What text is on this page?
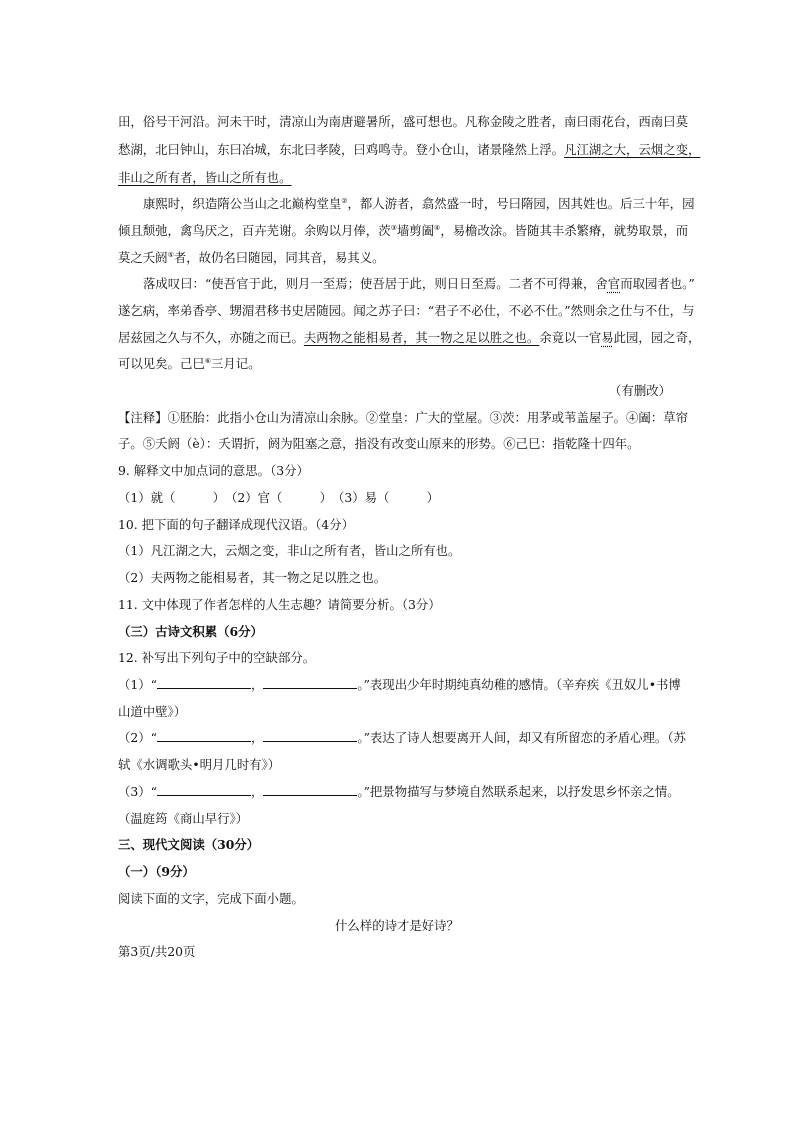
田，俗号干河沿。河未干时，清凉山为南唐避暑所，盛可想也。凡称金陵之胜者，南曰雨花台，西南曰莫
愁湖，北曰钟山，东曰冶城，东北曰孝陵，曰鸡鸣寺。登小仓山，诸景隆然上浮。凡江湖之大，云烟之变，
非山之所有者，皆山之所有也。
康熙时，织造隋公当山之北巅构堂皇②，都人游者，翕然盛一时，号曰隋园，因其姓也。后三十年，园
倾且颓弛，禽鸟厌之，百卉芜谢。余购以月俸，茨③墙剪阖④，易檐改涂。皆随其丰杀繁瘠，就势取景，而
莫之夭阏⑤者，故仍名曰随园，同其音，易其义。
落成叹曰：“使吾官于此，则月一至焉；使吾居于此，则日日至焉。二者不可得兼，舍官而取园者也。”
遂乞病，率弟香亭、甥湄君移书史居随园。闻之苏子曰：“君子不必仕，不必不仕。”然则余之仕与不仕，与
居兹园之久与不久，亦随之而已。夫两物之能相易者，其一物之足以胜之也。余竟以一官易此园，园之奇，
可以见矣。己巳⑥三月记。
（有删改）
【注释】①胚胎：此指小仓山为清凉山余脉。②堂皇：广大的堂屋。③茨：用茅或苇盖屋子。④阖：草帘
子。⑤夭阏（è）：夭谓折，阏为阻塞之意，指没有改变山原来的形势。⑥己巳：指乾隆十四年。
9. 解释文中加点词的意思。（3分）
（1）就（　　　）　（2）官（　　　）　（3）易（　　　）
10. 把下面的句子翻译成现代汉语。（4分）
（1）凡江湖之大，云烟之变，非山之所有者，皆山之所有也。
（2）夫两物之能相易者，其一物之足以胜之也。
11. 文中体现了作者怎样的人生志趣？请简要分析。（3分）
（三）古诗文积累（6分）
12. 补写出下列句子中的空缺部分。
（1）“	，	。”表现出少年时期纯真幼稚的感情。（辛弃疾《丑奴儿•书博
山道中壁》）
（2）“	，	。”表达了诗人想要离开人间，却又有所留恋的矛盾心理。（苏
轼《水调歌头•明月几时有》）
（3）“	，	。”把景物描写与梦境自然联系起来，以抒发思乡怀亲之情。
（温庭筠《商山早行》）
三、现代文阅读（30分）
（一）（9分）
阅读下面的文字，完成下面小题。
什么样的诗才是好诗？
第3页/共20页
